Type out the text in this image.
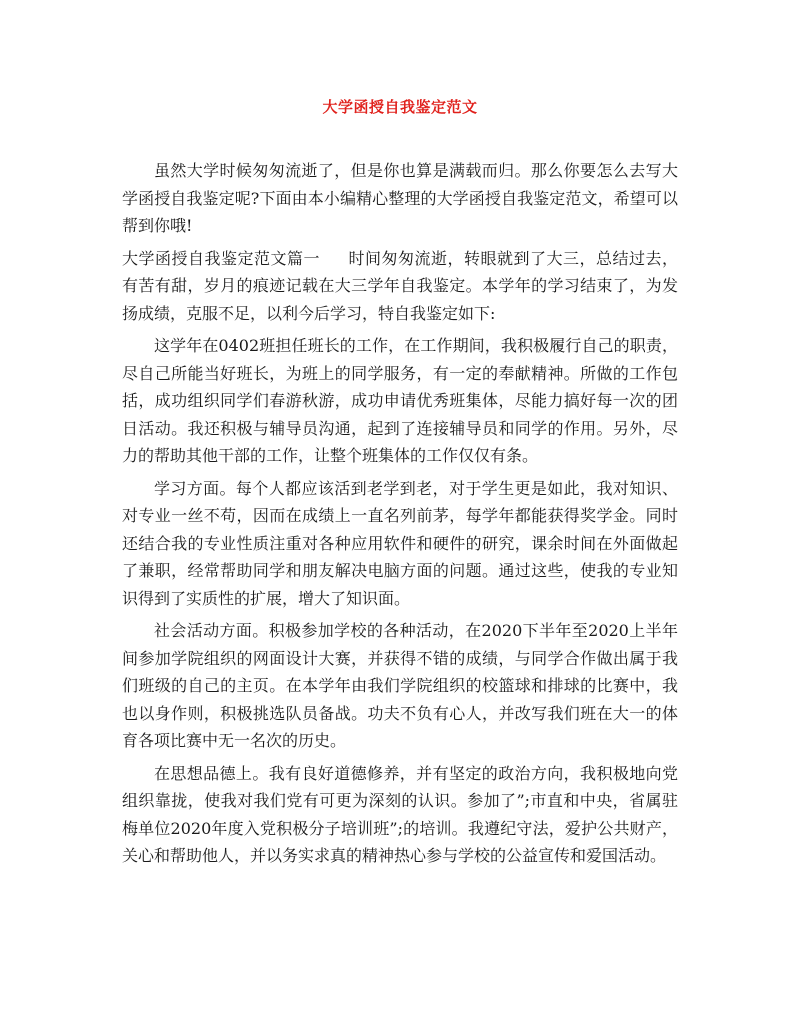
大学函授自我鉴定范文

虽然大学时候匆匆流逝了，但是你也算是满载而归。那么你要怎么去写大学函授自我鉴定呢?下面由本小编精心整理的大学函授自我鉴定范文，希望可以帮到你哦!

大学函授自我鉴定范文篇一 时间匆匆流逝，转眼就到了大三，总结过去，有苦有甜，岁月的痕迹记载在大三学年自我鉴定。本学年的学习结束了，为发扬成绩，克服不足，以利今后学习，特自我鉴定如下:

这学年在0402班担任班长的工作，在工作期间，我积极履行自己的职责，尽自己所能当好班长，为班上的同学服务，有一定的奉献精神。所做的工作包括，成功组织同学们春游秋游，成功申请优秀班集体，尽能力搞好每一次的团日活动。我还积极与辅导员沟通，起到了连接辅导员和同学的作用。另外，尽力的帮助其他干部的工作，让整个班集体的工作仅仅有条。

学习方面。每个人都应该活到老学到老，对于学生更是如此，我对知识、对专业一丝不苟，因而在成绩上一直名列前茅，每学年都能获得奖学金。同时还结合我的专业性质注重对各种应用软件和硬件的研究，课余时间在外面做起了兼职，经常帮助同学和朋友解决电脑方面的问题。通过这些，使我的专业知识得到了实质性的扩展，增大了知识面。

社会活动方面。积极参加学校的各种活动，在2020下半年至2020上半年间参加学院组织的网面设计大赛，并获得不错的成绩，与同学合作做出属于我们班级的自己的主页。在本学年由我们学院组织的校篮球和排球的比赛中，我也以身作则，积极挑选队员备战。功夫不负有心人，并改写我们班在大一的体育各项比赛中无一名次的历史。

在思想品德上。我有良好道德修养，并有坚定的政治方向，我积极地向党组织靠拢，使我对我们党有可更为深刻的认识。参加了”;市直和中央，省属驻梅单位2020年度入党积极分子培训班”;的培训。我遵纪守法，爱护公共财产，关心和帮助他人，并以务实求真的精神热心参与学校的公益宣传和爱国活动。
